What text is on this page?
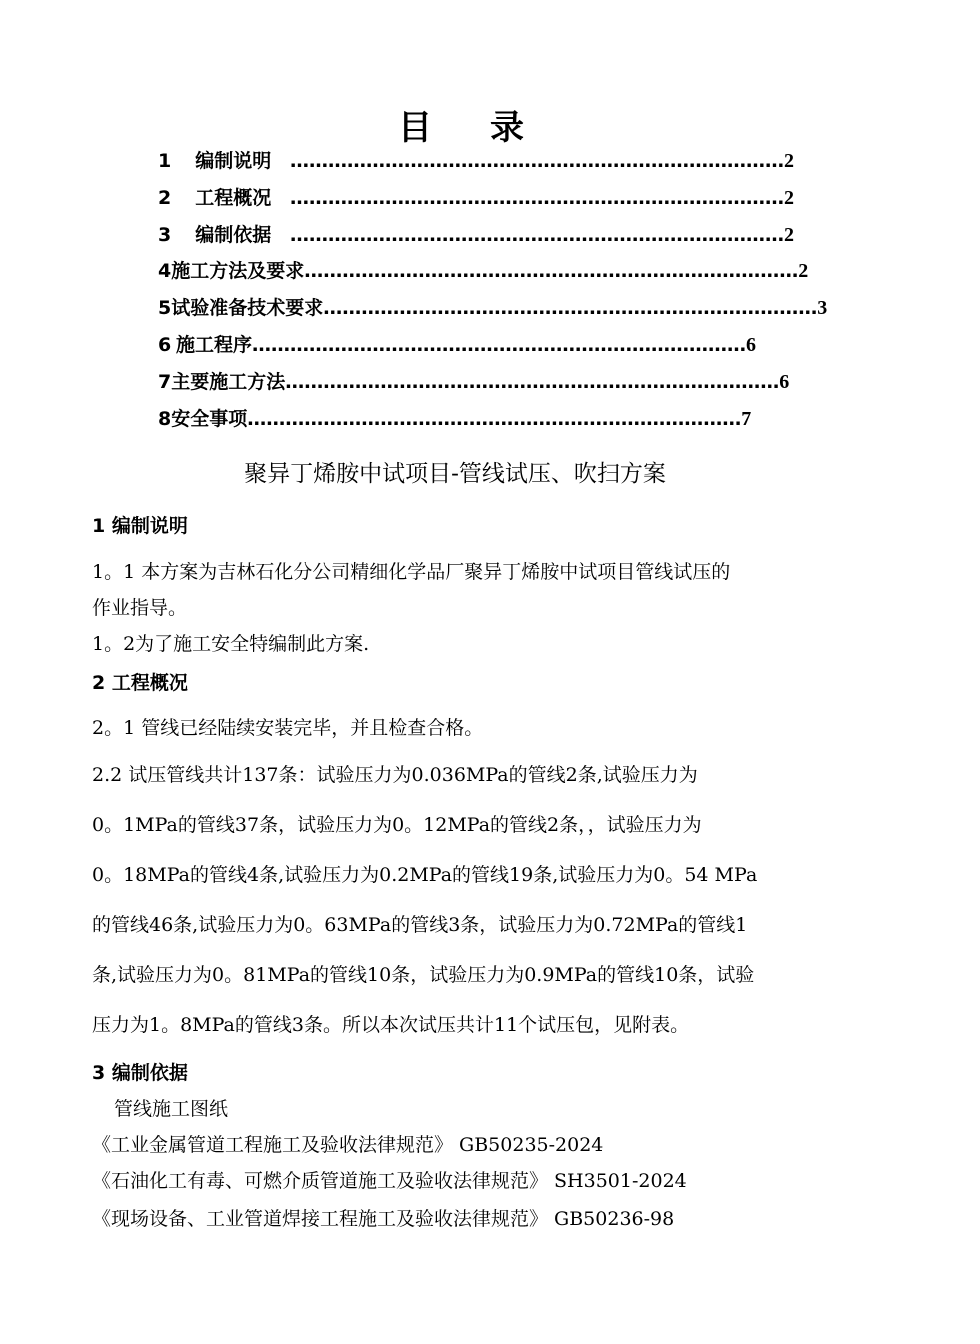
目录
1	编制说明 …………………………………………………………………… 2
2	工程概况 …………………………………………………………………… 2
3	编制依据 …………………………………………………………………… 2
4 施工方法及要求 …………………………………………………………………… 2
5 试验准备技术要求 …………………………………………………………………… 3
6 施工程序 …………………………………………………………………… 6
7 主要施工方法 …………………………………………………………………… 6
8 安全事项 …………………………………………………………………… 7
聚异丁烯胺中试项目-管线试压、吹扫方案
1 编制说明
1。1 本方案为吉林石化分公司精细化学品厂聚异丁烯胺中试项目管线试压的
作业指导。
1。2为了施工安全特编制此方案.
2 工程概况
2。1 管线已经陆续安装完毕，并且检查合格。
2.2 试压管线共计137条：试验压力为0.036MPa的管线2条,试验压力为
0。1MPa的管线37条，试验压力为0。12MPa的管线2条，，试验压力为
0。18MPa的管线4条,试验压力为0.2MPa的管线19条,试验压力为0。54 MPa
的管线46条,试验压力为0。63MPa的管线3条，试验压力为0.72MPa的管线1
条,试验压力为0。81MPa的管线10条，试验压力为0.9MPa的管线10条，试验
压力为1。8MPa的管线3条。所以本次试压共计11个试压包，见附表。
3 编制依据
管线施工图纸
《工业金属管道工程施工及验收法律规范》 GB50235-2024
《石油化工有毒、可燃介质管道施工及验收法律规范》 SH3501-2024
《现场设备、工业管道焊接工程施工及验收法律规范》 GB50236-98
